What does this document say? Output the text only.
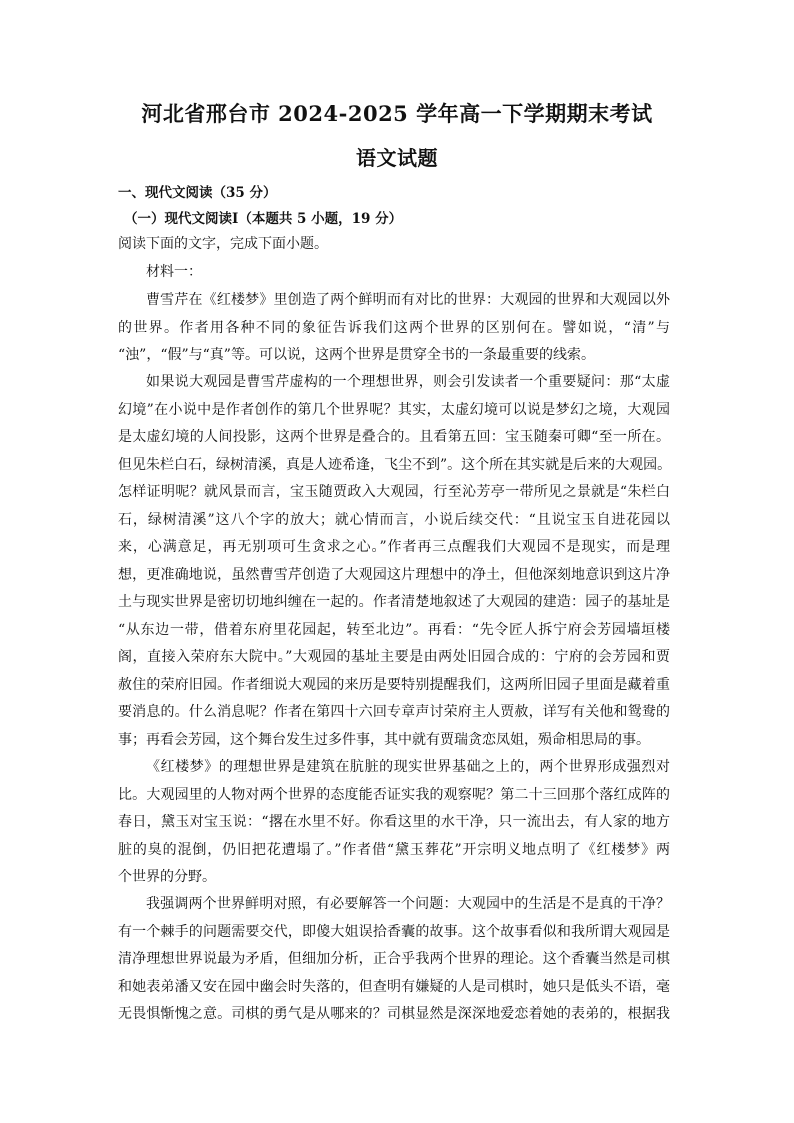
河北省邢台市 2024-2025 学年高一下学期期末考试
语文试题
一、现代文阅读（35 分）
（一）现代文阅读Ⅰ（本题共 5 小题，19 分）
阅读下面的文字，完成下面小题。
材料一：
曹雪芹在《红楼梦》里创造了两个鲜明而有对比的世界：大观园的世界和大观园以外
的世界。作者用各种不同的象征告诉我们这两个世界的区别何在。譬如说，“清”与
“浊”，“假”与“真”等。可以说，这两个世界是贯穿全书的一条最重要的线索。
如果说大观园是曹雪芹虚构的一个理想世界，则会引发读者一个重要疑问：那“太虚
幻境”在小说中是作者创作的第几个世界呢？其实，太虚幻境可以说是梦幻之境，大观园
是太虚幻境的人间投影，这两个世界是叠合的。且看第五回：宝玉随秦可卿“至一所在。
但见朱栏白石，绿树清溪，真是人迹希逢，飞尘不到”。这个所在其实就是后来的大观园。
怎样证明呢？就风景而言，宝玉随贾政入大观园，行至沁芳亭一带所见之景就是“朱栏白
石，绿树清溪”这八个字的放大；就心情而言，小说后续交代：“且说宝玉自进花园以
来，心满意足，再无别项可生贪求之心。”作者再三点醒我们大观园不是现实，而是理
想，更准确地说，虽然曹雪芹创造了大观园这片理想中的净土，但他深刻地意识到这片净
土与现实世界是密切切地纠缠在一起的。作者清楚地叙述了大观园的建造：园子的基址是
“从东边一带，借着东府里花园起，转至北边”。再看：“先令匠人拆宁府会芳园墙垣楼
阁，直接入荣府东大院中。”大观园的基址主要是由两处旧园合成的：宁府的会芳园和贾
赦住的荣府旧园。作者细说大观园的来历是要特别提醒我们，这两所旧园子里面是藏着重
要消息的。什么消息呢？作者在第四十六回专章声讨荣府主人贾赦，详写有关他和鸳鸯的
事；再看会芳园，这个舞台发生过多件事，其中就有贾瑞贪恋凤姐，殒命相思局的事。
《红楼梦》的理想世界是建筑在肮脏的现实世界基础之上的，两个世界形成强烈对
比。大观园里的人物对两个世界的态度能否证实我的观察呢？第二十三回那个落红成阵的
春日，黛玉对宝玉说：“撂在水里不好。你看这里的水干净，只一流出去，有人家的地方
脏的臭的混倒，仍旧把花遭塌了。”作者借“黛玉葬花”开宗明义地点明了《红楼梦》两
个世界的分野。
我强调两个世界鲜明对照，有必要解答一个问题：大观园中的生活是不是真的干净？
有一个棘手的问题需要交代，即傻大姐误拾香囊的故事。这个故事看似和我所谓大观园是
清净理想世界说最为矛盾，但细加分析，正合乎我两个世界的理论。这个香囊当然是司棋
和她表弟潘又安在园中幽会时失落的，但查明有嫌疑的人是司棋时，她只是低头不语，毫
无畏惧惭愧之意。司棋的勇气是从哪来的？司棋显然是深深地爱恋着她的表弟的，根据我
